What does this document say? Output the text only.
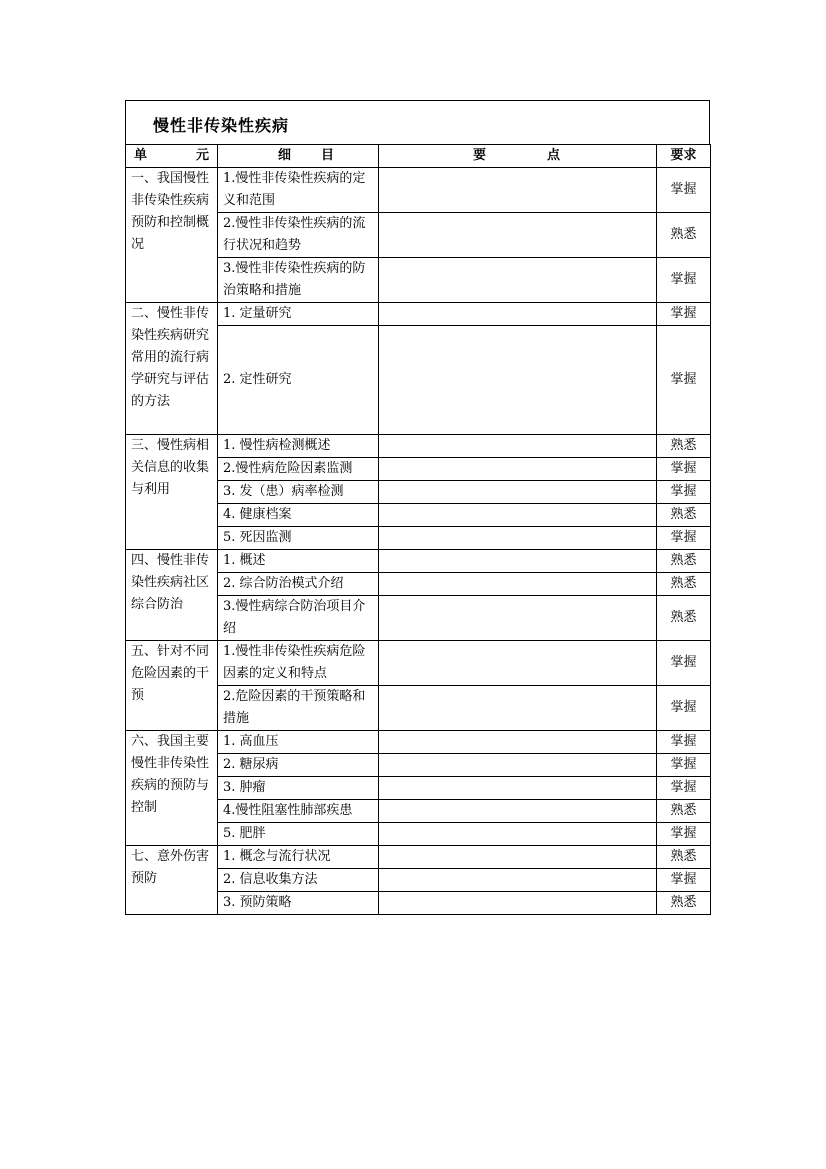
慢性非传染性疾病
单 元	细 目	要 点	要求
一、我国慢性非传染性疾病预防和控制概况	1.慢性非传染性疾病的定义和范围		掌握
	2.慢性非传染性疾病的流行状况和趋势		熟悉
	3.慢性非传染性疾病的防治策略和措施		掌握
二、慢性非传染性疾病研究常用的流行病学研究与评估的方法	1. 定量研究		掌握
	2. 定性研究		掌握
三、慢性病相关信息的收集与利用	1. 慢性病检测概述		熟悉
	2.慢性病危险因素监测		掌握
	3. 发（患）病率检测		掌握
	4. 健康档案		熟悉
	5. 死因监测		掌握
四、慢性非传染性疾病社区综合防治	1. 概述		熟悉
	2. 综合防治模式介绍		熟悉
	3.慢性病综合防治项目介绍		熟悉
五、针对不同危险因素的干预	1.慢性非传染性疾病危险因素的定义和特点		掌握
	2.危险因素的干预策略和措施		掌握
六、我国主要慢性非传染性疾病的预防与控制	1. 高血压		掌握
	2. 糖尿病		掌握
	3. 肿瘤		掌握
	4.慢性阻塞性肺部疾患		熟悉
	5. 肥胖		掌握
七、意外伤害预防	1. 概念与流行状况		熟悉
	2. 信息收集方法		掌握
	3. 预防策略		熟悉
